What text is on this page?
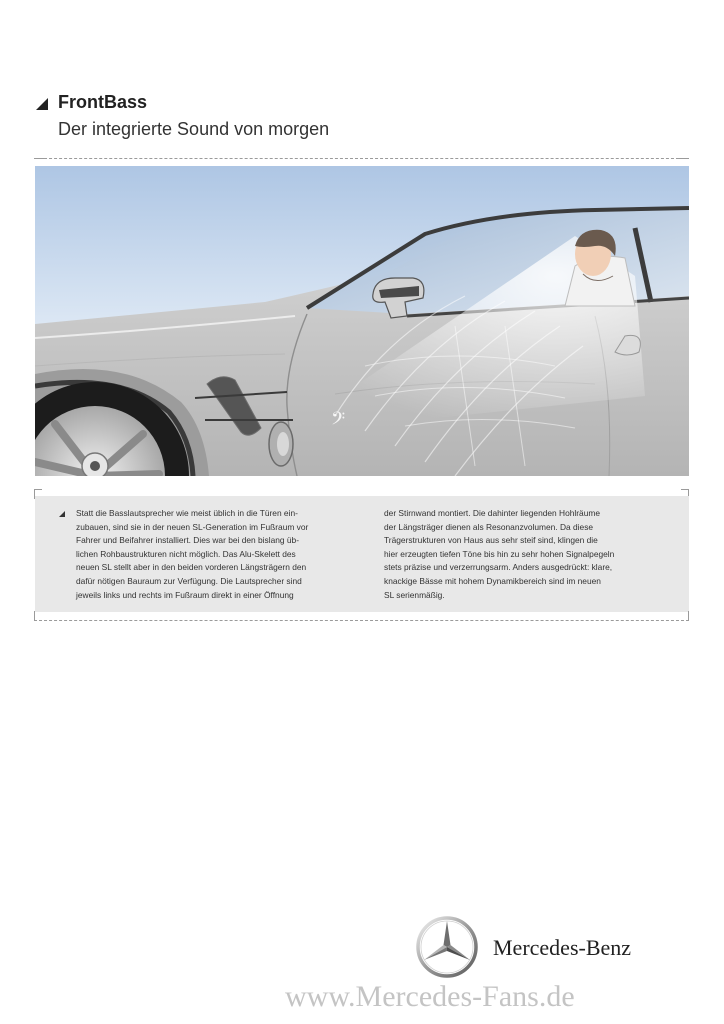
FrontBass
Der integrierte Sound von morgen
𝄢
Statt die Basslautsprecher wie meist üblich in die Türen ein-
zubauen, sind sie in der neuen SL-Generation im Fußraum vor
Fahrer und Beifahrer installiert. Dies war bei den bislang üb-
lichen Rohbaustrukturen nicht möglich. Das Alu-Skelett des
neuen SL stellt aber in den beiden vorderen Längsträgern den
dafür nötigen Bauraum zur Verfügung. Die Lautsprecher sind
jeweils links und rechts im Fußraum direkt in einer Öffnung
der Stirnwand montiert. Die dahinter liegenden Hohlräume
der Längsträger dienen als Resonanzvolumen. Da diese
Trägerstrukturen von Haus aus sehr steif sind, klingen die
hier erzeugten tiefen Töne bis hin zu sehr hohen Signalpegeln
stets präzise und verzerrungsarm. Anders ausgedrückt: klare,
knackige Bässe mit hohem Dynamikbereich sind im neuen
SL serienmäßig.
Mercedes-Benz
www.Mercedes-Fans.de
